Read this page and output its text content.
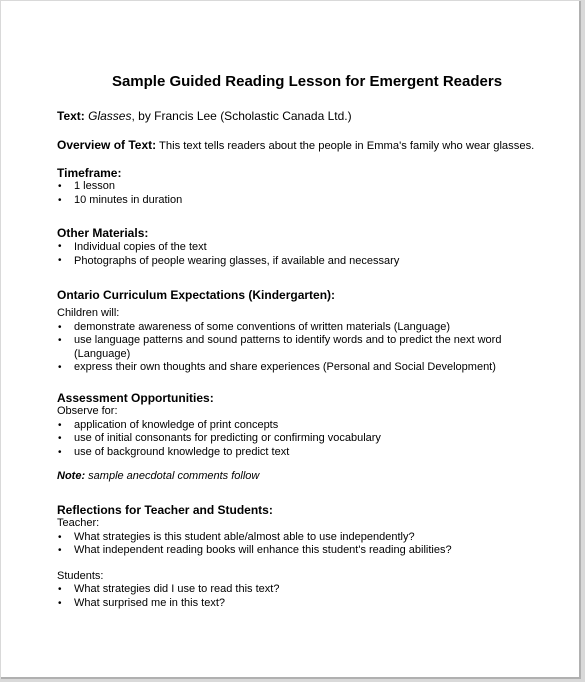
Sample Guided Reading Lesson for Emergent Readers
Text: Glasses, by Francis Lee (Scholastic Canada Ltd.)
Overview of Text: This text tells readers about the people in Emma's family who wear glasses.
Timeframe:
• 1 lesson
• 10 minutes in duration
Other Materials:
• Individual copies of the text
• Photographs of people wearing glasses, if available and necessary
Ontario Curriculum Expectations (Kindergarten):
Children will:
• demonstrate awareness of some conventions of written materials (Language)
• use language patterns and sound patterns to identify words and to predict the next word
(Language)
• express their own thoughts and share experiences (Personal and Social Development)
Assessment Opportunities:
Observe for:
• application of knowledge of print concepts
• use of initial consonants for predicting or confirming vocabulary
• use of background knowledge to predict text
Note: sample anecdotal comments follow
Reflections for Teacher and Students:
Teacher:
• What strategies is this student able/almost able to use independently?
• What independent reading books will enhance this student's reading abilities?
Students:
• What strategies did I use to read this text?
• What surprised me in this text?
